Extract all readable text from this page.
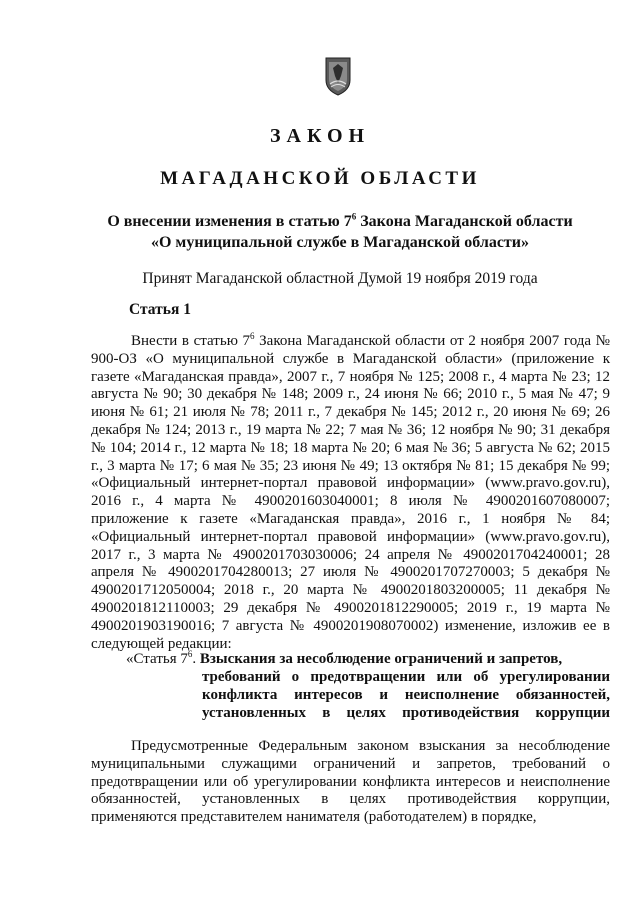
ЗАКОН
МАГАДАНСКОЙ ОБЛАСТИ
О внесении изменения в статью $7^6$ Закона Магаданской области
«О муниципальной службе в Магаданской области»
Принят Магаданской областной Думой 19 ноября 2019 года
Статья 1
Внести в статью $7^6$ Закона Магаданской области от 2 ноября 2007 года № 900-ОЗ «О муниципальной службе в Магаданской области» (приложение к газете «Магаданская правда», 2007 г., 7 ноября № 125; 2008 г., 4 марта № 23; 12 августа № 90; 30 декабря № 148; 2009 г., 24 июня № 66; 2010 г., 5 мая № 47; 9 июня № 61; 21 июля № 78; 2011 г., 7 декабря № 145; 2012 г., 20 июня № 69; 26 декабря № 124; 2013 г., 19 марта № 22; 7 мая № 36; 12 ноября № 90; 31 декабря № 104; 2014 г., 12 марта № 18; 18 марта № 20; 6 мая № 36; 5 августа № 62; 2015 г., 3 марта № 17; 6 мая № 35; 23 июня № 49; 13 октября № 81; 15 декабря № 99; «Официальный интернет-портал правовой информации» (www.pravo.gov.ru), 2016 г., 4 марта № 4900201603040001; 8 июля № 4900201607080007; приложение к газете «Магаданская правда», 2016 г., 1 ноября № 84; «Официальный интернет-портал правовой информации» (www.pravo.gov.ru), 2017 г., 3 марта № 4900201703030006; 24 апреля № 4900201704240001; 28 апреля № 4900201704280013; 27 июля № 4900201707270003; 5 декабря № 4900201712050004; 2018 г., 20 марта № 4900201803200005; 11 декабря № 4900201812110003; 29 декабря № 4900201812290005; 2019 г., 19 марта № 4900201903190016; 7 августа № 4900201908070002) изменение, изложив ее в следующей редакции:
«Статья $7^6$. Взыскания за несоблюдение ограничений и запретов,
требований о предотвращении или об урегулировании конфликта интересов и неисполнение обязанностей, установленных в целях противодействия коррупции
Предусмотренные Федеральным законом взыскания за несоблюдение муниципальными служащими ограничений и запретов, требований о предотвращении или об урегулировании конфликта интересов и неисполнение обязанностей, установленных в целях противодействия коррупции, применяются представителем нанимателя (работодателем) в порядке,
